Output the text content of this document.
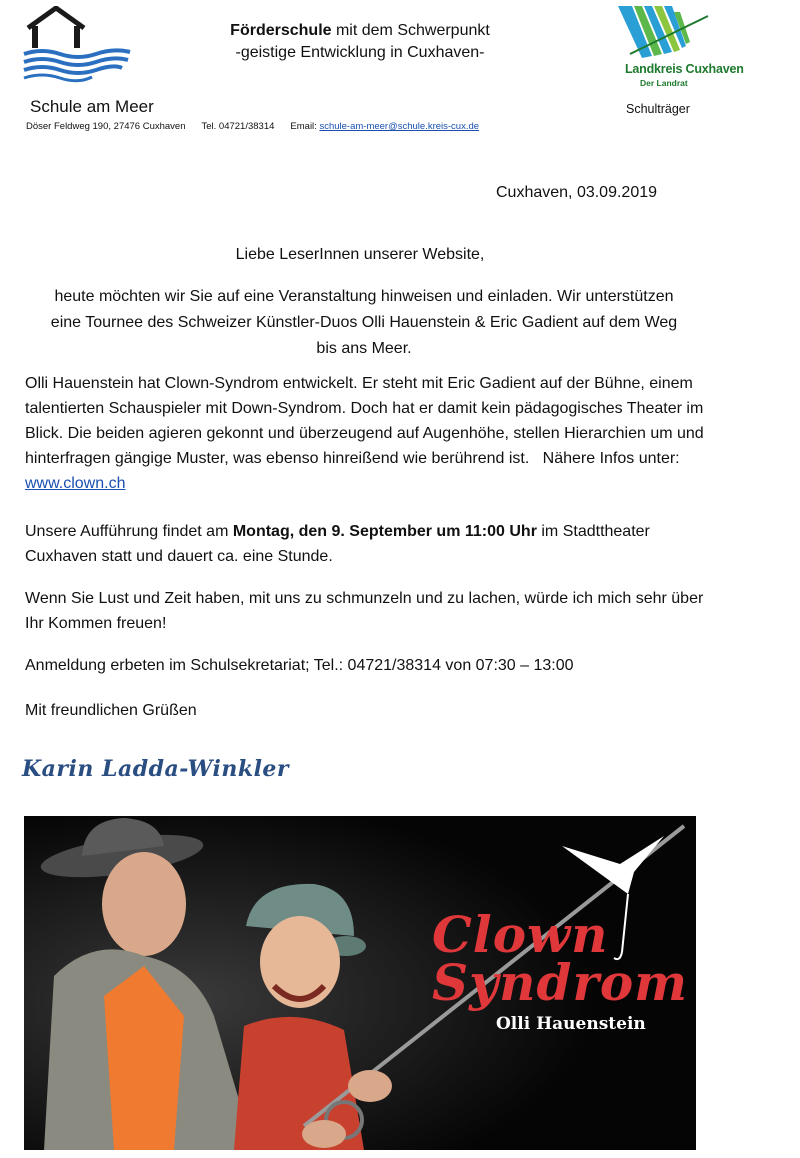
Förderschule mit dem Schwerpunkt
-geistige Entwicklung in Cuxhaven-
Schule am Meer
Döser Feldweg 190, 27476 Cuxhaven Tel. 04721/38314 Email: schule-am-meer@schule.kreis-cux.de
Landkreis Cuxhaven
Der Landrat
Schulträger
Cuxhaven, 03.09.2019
Liebe LeserInnen unserer Website,
heute möchten wir Sie auf eine Veranstaltung hinweisen und einladen. Wir unterstützen eine Tournee des Schweizer Künstler-Duos Olli Hauenstein & Eric Gadient auf dem Weg bis ans Meer.
Olli Hauenstein hat Clown-Syndrom entwickelt. Er steht mit Eric Gadient auf der Bühne, einem talentierten Schauspieler mit Down-Syndrom. Doch hat er damit kein pädagogisches Theater im Blick. Die beiden agieren gekonnt und überzeugend auf Augenhöhe, stellen Hierarchien um und hinterfragen gängige Muster, was ebenso hinreißend wie berührend ist. Nähere Infos unter: www.clown.ch
Unsere Aufführung findet am Montag, den 9. September um 11:00 Uhr im Stadttheater Cuxhaven statt und dauert ca. eine Stunde.
Wenn Sie Lust und Zeit haben, mit uns zu schmunzeln und zu lachen, würde ich mich sehr über Ihr Kommen freuen!
Anmeldung erbeten im Schulsekretariat; Tel.: 04721/38314 von 07:30 – 13:00
Mit freundlichen Grüßen
Karin Ladda-Winkler
Clown
Syndrom
Olli Hauenstein
